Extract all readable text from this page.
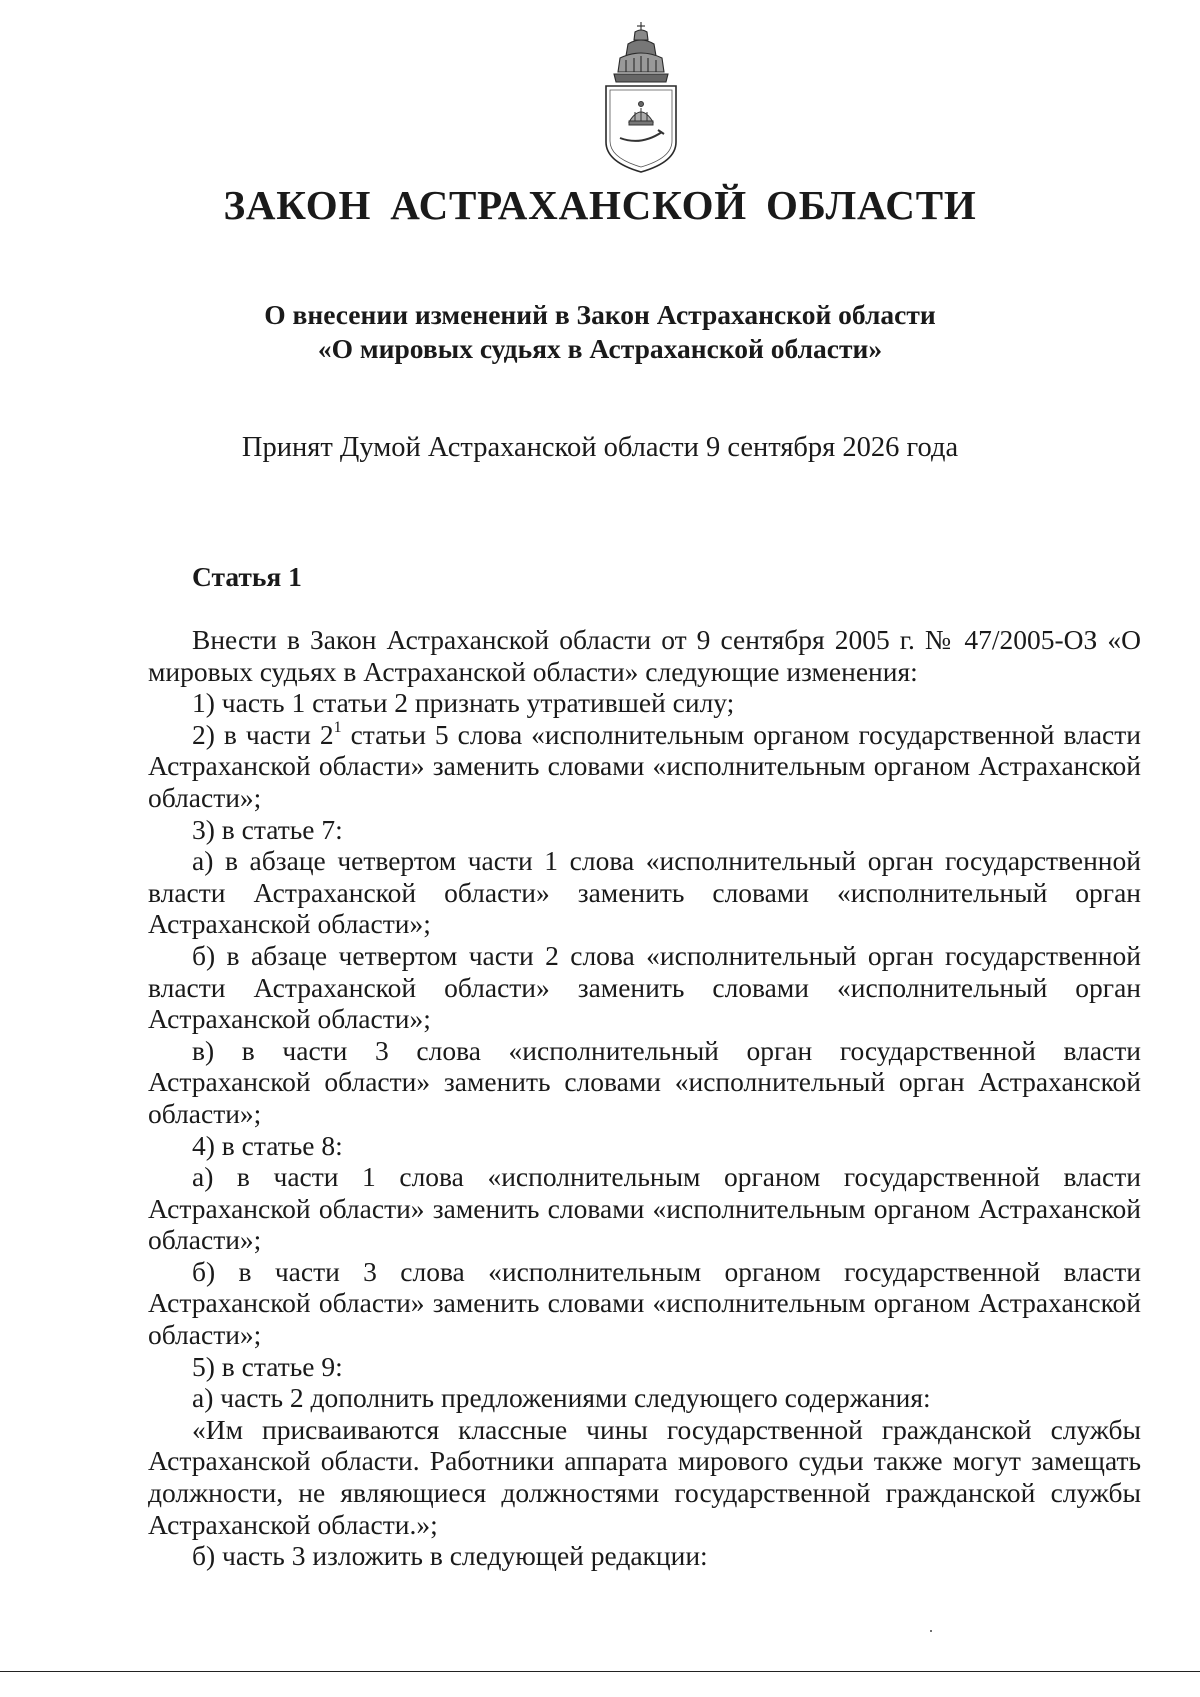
ЗАКОН АСТРАХАНСКОЙ ОБЛАСТИ
О внесении изменений в Закон Астраханской области
«О мировых судьях в Астраханской области»
Принят Думой Астраханской области 9 сентября 2026 года
Статья 1

Внести в Закон Астраханской области от 9 сентября 2005 г. № 47/2005-ОЗ «О мировых судьях в Астраханской области» следующие изменения:

1) часть 1 статьи 2 признать утратившей силу;

2) в части $2^1$ статьи 5 слова «исполнительным органом государственной власти Астраханской области» заменить словами «исполнительным органом Астраханской области»;

3) в статье 7:

а) в абзаце четвертом части 1 слова «исполнительный орган государственной власти Астраханской области» заменить словами «исполнительный орган Астраханской области»;

б) в абзаце четвертом части 2 слова «исполнительный орган государственной власти Астраханской области» заменить словами «исполнительный орган Астраханской области»;

в) в части 3 слова «исполнительный орган государственной власти Астраханской области» заменить словами «исполнительный орган Астраханской области»;

4) в статье 8:

а) в части 1 слова «исполнительным органом государственной власти Астраханской области» заменить словами «исполнительным органом Астраханской области»;

б) в части 3 слова «исполнительным органом государственной власти Астраханской области» заменить словами «исполнительным органом Астраханской области»;

5) в статье 9:

а) часть 2 дополнить предложениями следующего содержания:

«Им присваиваются классные чины государственной гражданской службы Астраханской области. Работники аппарата мирового судьи также могут замещать должности, не являющиеся должностями государственной гражданской службы Астраханской области.»;

б) часть 3 изложить в следующей редакции:
